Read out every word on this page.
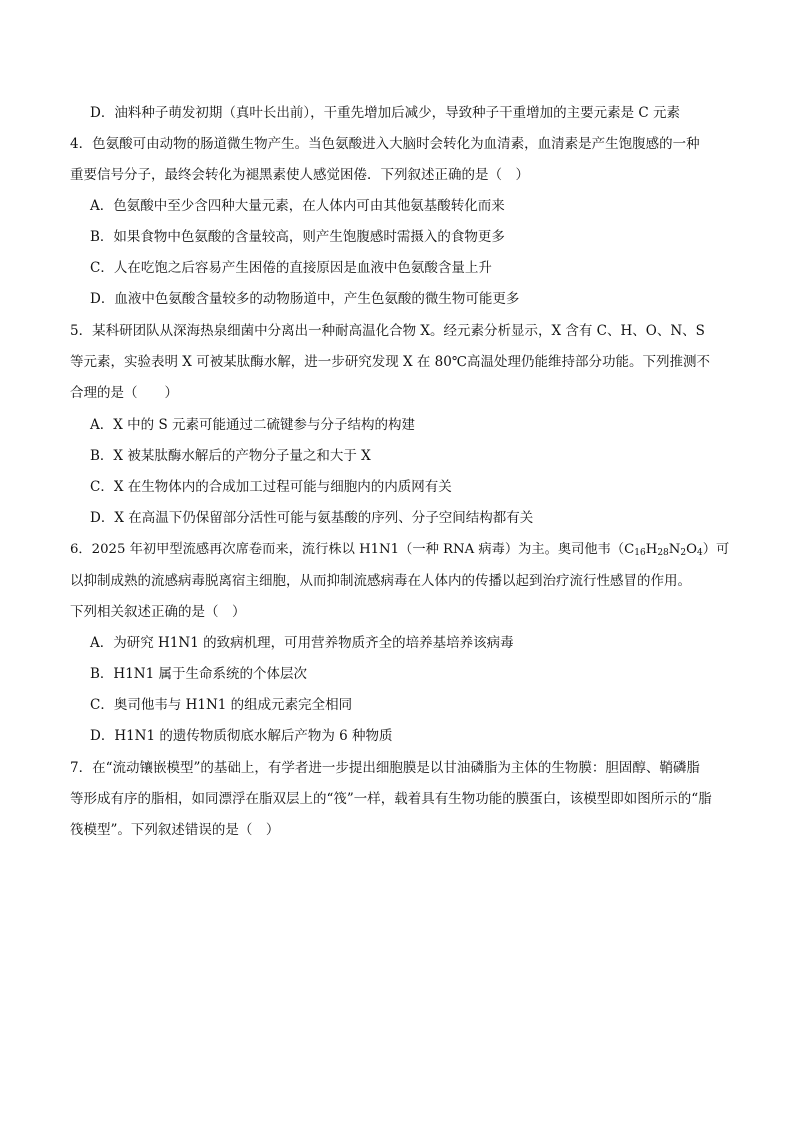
D．油料种子萌发初期（真叶长出前），干重先增加后减少，导致种子干重增加的主要元素是 C 元素
4．色氨酸可由动物的肠道微生物产生。当色氨酸进入大脑时会转化为血清素，血清素是产生饱腹感的一种
重要信号分子，最终会转化为褪黑素使人感觉困倦．下列叙述正确的是（　）
A．色氨酸中至少含四种大量元素，在人体内可由其他氨基酸转化而来
B．如果食物中色氨酸的含量较高，则产生饱腹感时需摄入的食物更多
C．人在吃饱之后容易产生困倦的直接原因是血液中色氨酸含量上升
D．血液中色氨酸含量较多的动物肠道中，产生色氨酸的微生物可能更多
5．某科研团队从深海热泉细菌中分离出一种耐高温化合物 X。经元素分析显示，X 含有 C、H、O、N、S
等元素，实验表明 X 可被某肽酶水解，进一步研究发现 X 在 80℃高温处理仍能维持部分功能。下列推测不
合理的是（　　）
A．X 中的 S 元素可能通过二硫键参与分子结构的构建
B．X 被某肽酶水解后的产物分子量之和大于 X
C．X 在生物体内的合成加工过程可能与细胞内的内质网有关
D．X 在高温下仍保留部分活性可能与氨基酸的序列、分子空间结构都有关
6．2025 年初甲型流感再次席卷而来，流行株以 H1N1（一种 RNA 病毒）为主。奥司他韦$(C_{16}H_{28}N_2O_4)$可
以抑制成熟的流感病毒脱离宿主细胞，从而抑制流感病毒在人体内的传播以起到治疗流行性感冒的作用。
下列相关叙述正确的是（　）
A．为研究 H1N1 的致病机理，可用营养物质齐全的培养基培养该病毒
B．H1N1 属于生命系统的个体层次
C．奥司他韦与 H1N1 的组成元素完全相同
D．H1N1 的遗传物质彻底水解后产物为 6 种物质
7．在“流动镶嵌模型”的基础上，有学者进一步提出细胞膜是以甘油磷脂为主体的生物膜：胆固醇、鞘磷脂
等形成有序的脂相，如同漂浮在脂双层上的“筏”一样，载着具有生物功能的膜蛋白，该模型即如图所示的“脂
筏模型”。下列叙述错误的是（　）
